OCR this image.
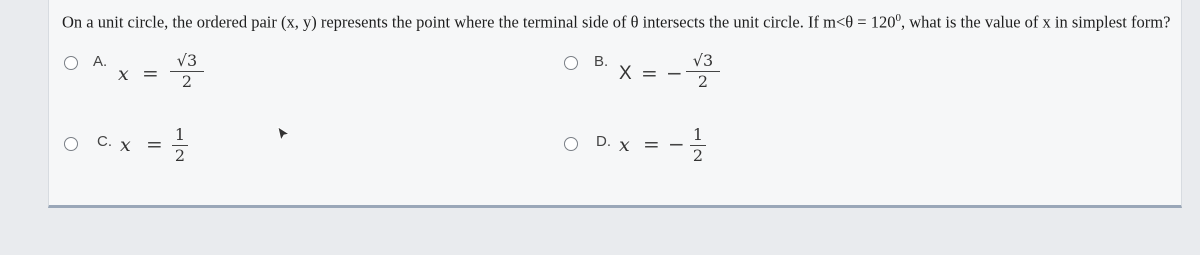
On a unit circle, the ordered pair (x, y) represents the point where the terminal side of θ intersects the unit circle. If $m<\theta = 120^0$, what is the value of x in simplest form?
A.
x =
√3
2
B.
X = −
√3
2
C. x = 1
2
D. x = − 1
2
